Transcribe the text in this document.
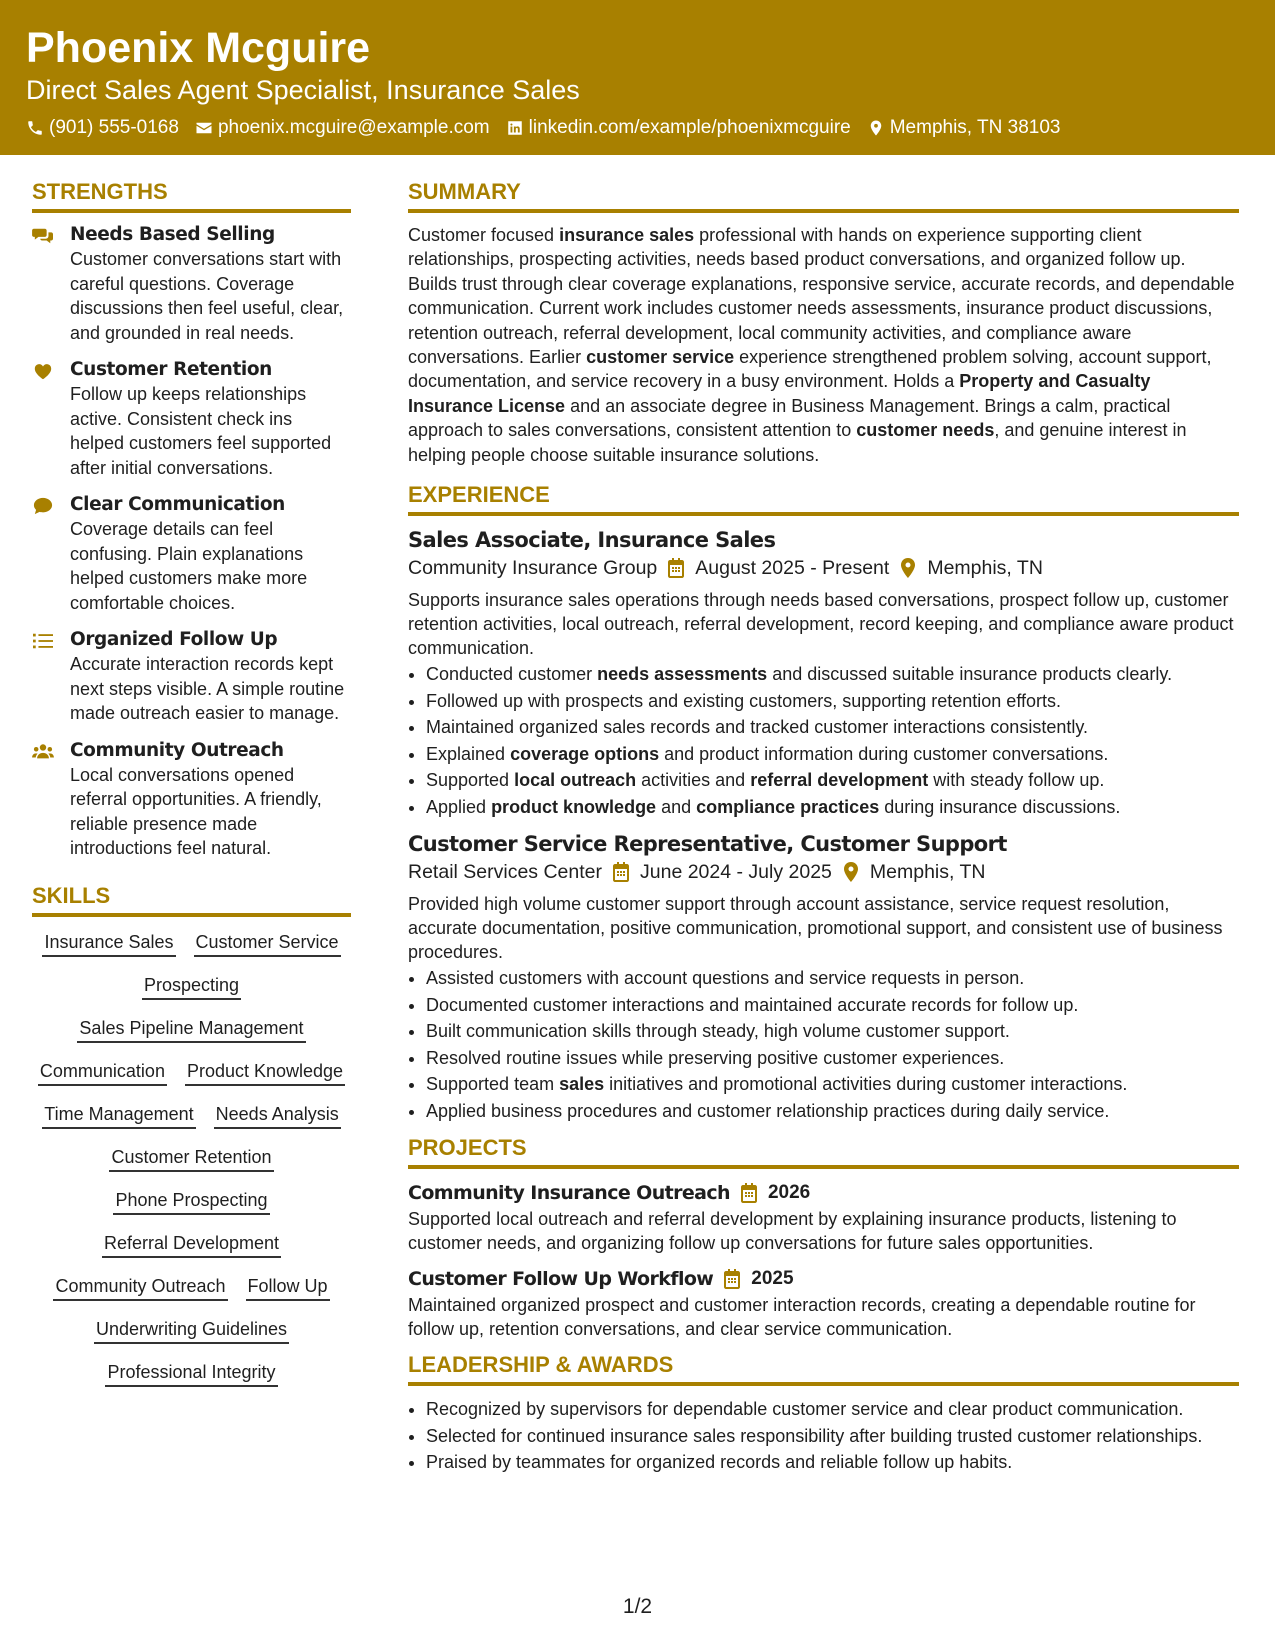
Phoenix Mcguire
Direct Sales Agent Specialist, Insurance Sales
(901) 555-0168 phoenix.mcguire@example.com linkedin.com/example/phoenixmcguire Memphis, TN 38103
STRENGTHS
Needs Based Selling
Customer conversations start with careful questions. Coverage discussions then feel useful, clear, and grounded in real needs.
Customer Retention
Follow up keeps relationships active. Consistent check ins helped customers feel supported after initial conversations.
Clear Communication
Coverage details can feel confusing. Plain explanations helped customers make more comfortable choices.
Organized Follow Up
Accurate interaction records kept next steps visible. A simple routine made outreach easier to manage.
Community Outreach
Local conversations opened referral opportunities. A friendly, reliable presence made introductions feel natural.
SKILLS
Insurance Sales Customer Service
Prospecting
Sales Pipeline Management
Communication Product Knowledge
Time Management Needs Analysis
Customer Retention
Phone Prospecting
Referral Development
Community Outreach Follow Up
Underwriting Guidelines
Professional Integrity
SUMMARY
Customer focused insurance sales professional with hands on experience supporting client relationships, prospecting activities, needs based product conversations, and organized follow up. Builds trust through clear coverage explanations, responsive service, accurate records, and dependable communication. Current work includes customer needs assessments, insurance product discussions, retention outreach, referral development, local community activities, and compliance aware conversations. Earlier customer service experience strengthened problem solving, account support, documentation, and service recovery in a busy environment. Holds a Property and Casualty Insurance License and an associate degree in Business Management. Brings a calm, practical approach to sales conversations, consistent attention to customer needs, and genuine interest in helping people choose suitable insurance solutions.
EXPERIENCE
Sales Associate, Insurance Sales
Community Insurance Group August 2025 - Present Memphis, TN
Supports insurance sales operations through needs based conversations, prospect follow up, customer retention activities, local outreach, referral development, record keeping, and compliance aware product communication.
• Conducted customer needs assessments and discussed suitable insurance products clearly.
• Followed up with prospects and existing customers, supporting retention efforts.
• Maintained organized sales records and tracked customer interactions consistently.
• Explained coverage options and product information during customer conversations.
• Supported local outreach activities and referral development with steady follow up.
• Applied product knowledge and compliance practices during insurance discussions.
Customer Service Representative, Customer Support
Retail Services Center June 2024 - July 2025 Memphis, TN
Provided high volume customer support through account assistance, service request resolution, accurate documentation, positive communication, promotional support, and consistent use of business procedures.
• Assisted customers with account questions and service requests in person.
• Documented customer interactions and maintained accurate records for follow up.
• Built communication skills through steady, high volume customer support.
• Resolved routine issues while preserving positive customer experiences.
• Supported team sales initiatives and promotional activities during customer interactions.
• Applied business procedures and customer relationship practices during daily service.
PROJECTS
Community Insurance Outreach 2026
Supported local outreach and referral development by explaining insurance products, listening to customer needs, and organizing follow up conversations for future sales opportunities.
Customer Follow Up Workflow 2025
Maintained organized prospect and customer interaction records, creating a dependable routine for follow up, retention conversations, and clear service communication.
LEADERSHIP & AWARDS
• Recognized by supervisors for dependable customer service and clear product communication.
• Selected for continued insurance sales responsibility after building trusted customer relationships.
• Praised by teammates for organized records and reliable follow up habits.
1/2
